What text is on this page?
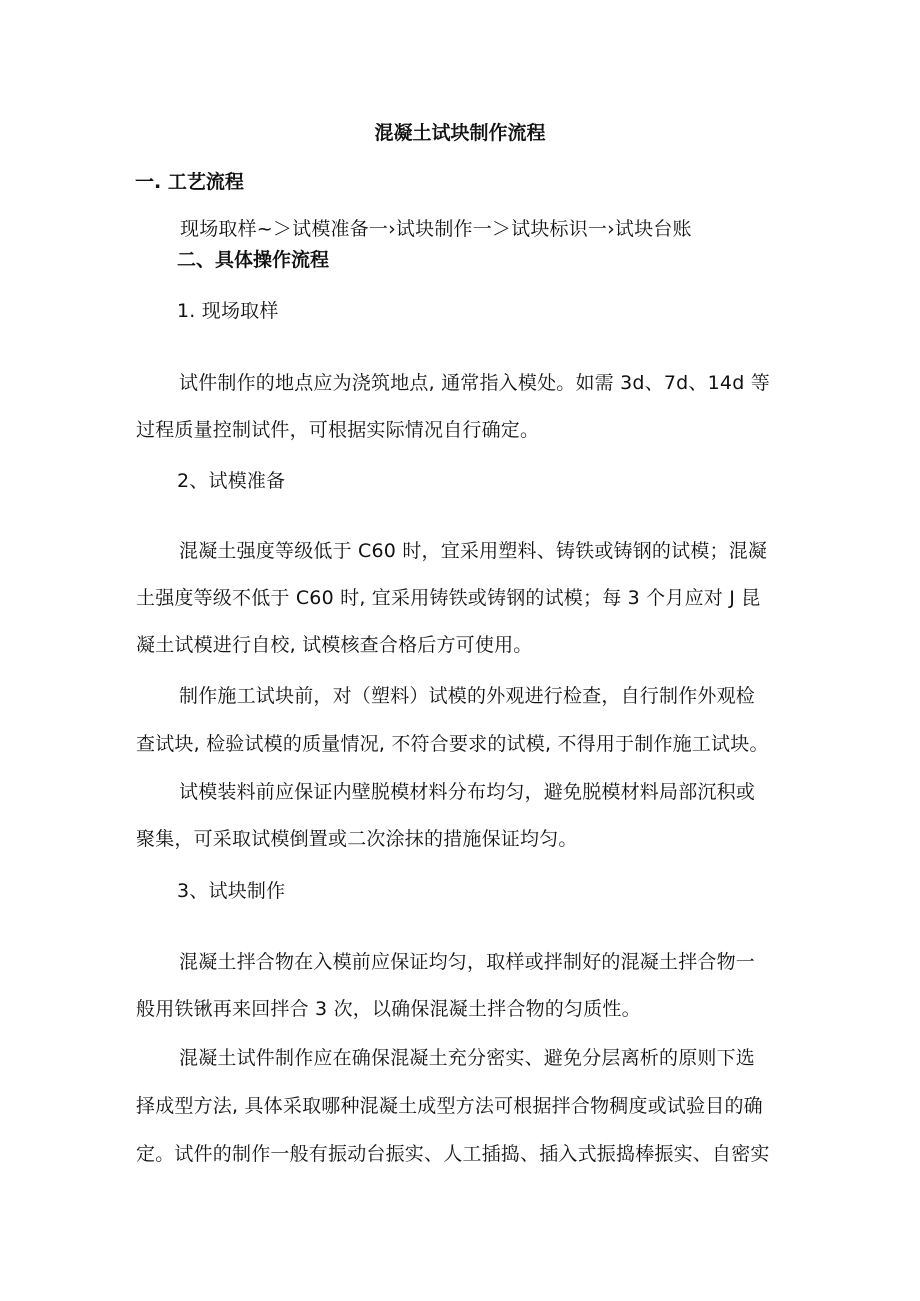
混凝土试块制作流程

一. 工艺流程

现场取样~＞试模准备一›试块制作一＞试块标识一›试块台账

二、具体操作流程

1. 现场取样

试件制作的地点应为浇筑地点, 通常指入模处。如需 3d、7d、14d 等

过程质量控制试件，可根据实际情况自行确定。

2、试模准备

混凝土强度等级低于 C60 时，宜采用塑料、铸铁或铸钢的试模；混凝

土强度等级不低于 C60 时, 宜采用铸铁或铸钢的试模；每 3 个月应对 J 昆

凝土试模进行自校, 试模核查合格后方可使用。

制作施工试块前，对（塑料）试模的外观进行检查，自行制作外观检

查试块, 检验试模的质量情况, 不符合要求的试模, 不得用于制作施工试块。

试模装料前应保证内壁脱模材料分布均匀，避免脱模材料局部沉积或

聚集，可采取试模倒置或二次涂抹的措施保证均匀。

3、试块制作

混凝土拌合物在入模前应保证均匀，取样或拌制好的混凝土拌合物一

般用铁锹再来回拌合 3 次，以确保混凝土拌合物的匀质性。

混凝土试件制作应在确保混凝土充分密实、避免分层离析的原则下选

择成型方法, 具体采取哪种混凝土成型方法可根据拌合物稠度或试验目的确

定。试件的制作一般有振动台振实、人工插捣、插入式振捣棒振实、自密实
